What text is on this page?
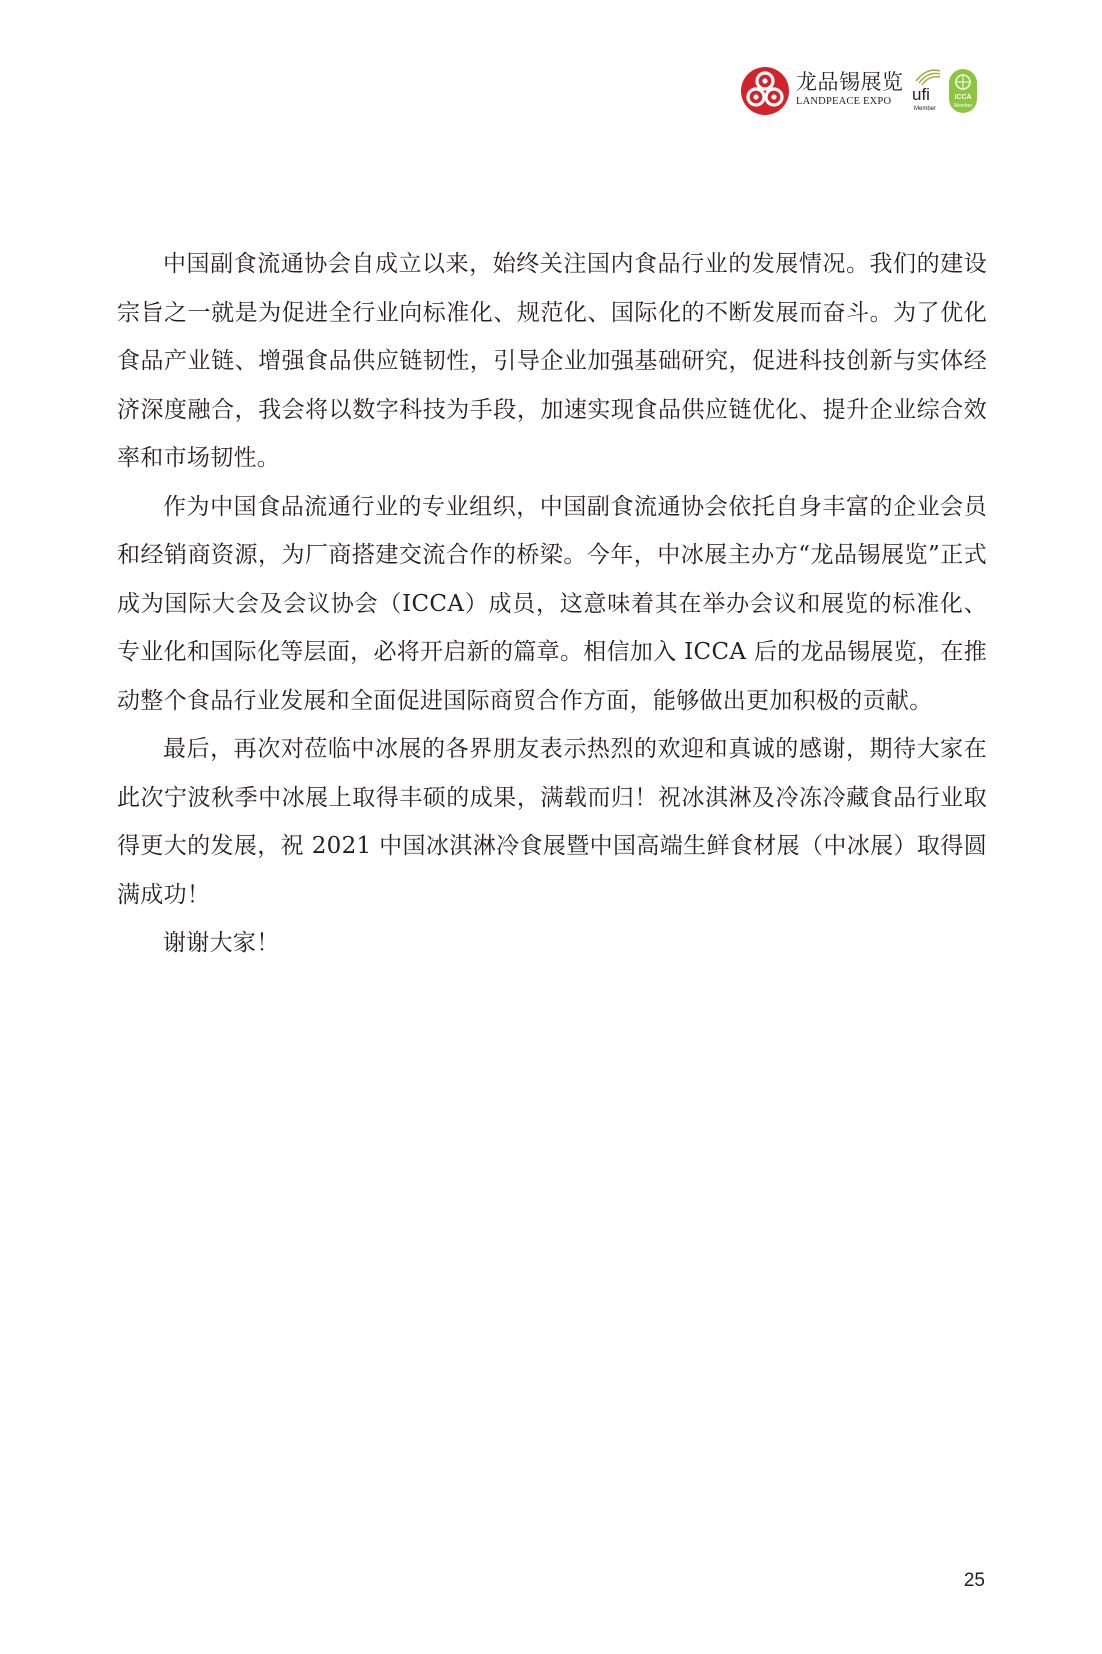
龙品锡展览
LANDPEACE EXPO	ufi
Member
ICCA
Member

中国副食流通协会自成立以来，始终关注国内食品行业的发展情况。我们的建设宗旨之一就是为促进全行业向标准化、规范化、国际化的不断发展而奋斗。为了优化食品产业链、增强食品供应链韧性，引导企业加强基础研究，促进科技创新与实体经济深度融合，我会将以数字科技为手段，加速实现食品供应链优化、提升企业综合效率和市场韧性。

作为中国食品流通行业的专业组织，中国副食流通协会依托自身丰富的企业会员和经销商资源，为厂商搭建交流合作的桥梁。今年，中冰展主办方“龙品锡展览”正式成为国际大会及会议协会（ICCA）成员，这意味着其在举办会议和展览的标准化、专业化和国际化等层面，必将开启新的篇章。相信加入 ICCA 后的龙品锡展览，在推动整个食品行业发展和全面促进国际商贸合作方面，能够做出更加积极的贡献。

最后，再次对莅临中冰展的各界朋友表示热烈的欢迎和真诚的感谢，期待大家在此次宁波秋季中冰展上取得丰硕的成果，满载而归！祝冰淇淋及冷冻冷藏食品行业取得更大的发展，祝 2021 中国冰淇淋冷食展暨中国高端生鲜食材展（中冰展）取得圆满成功！

谢谢大家！

25
